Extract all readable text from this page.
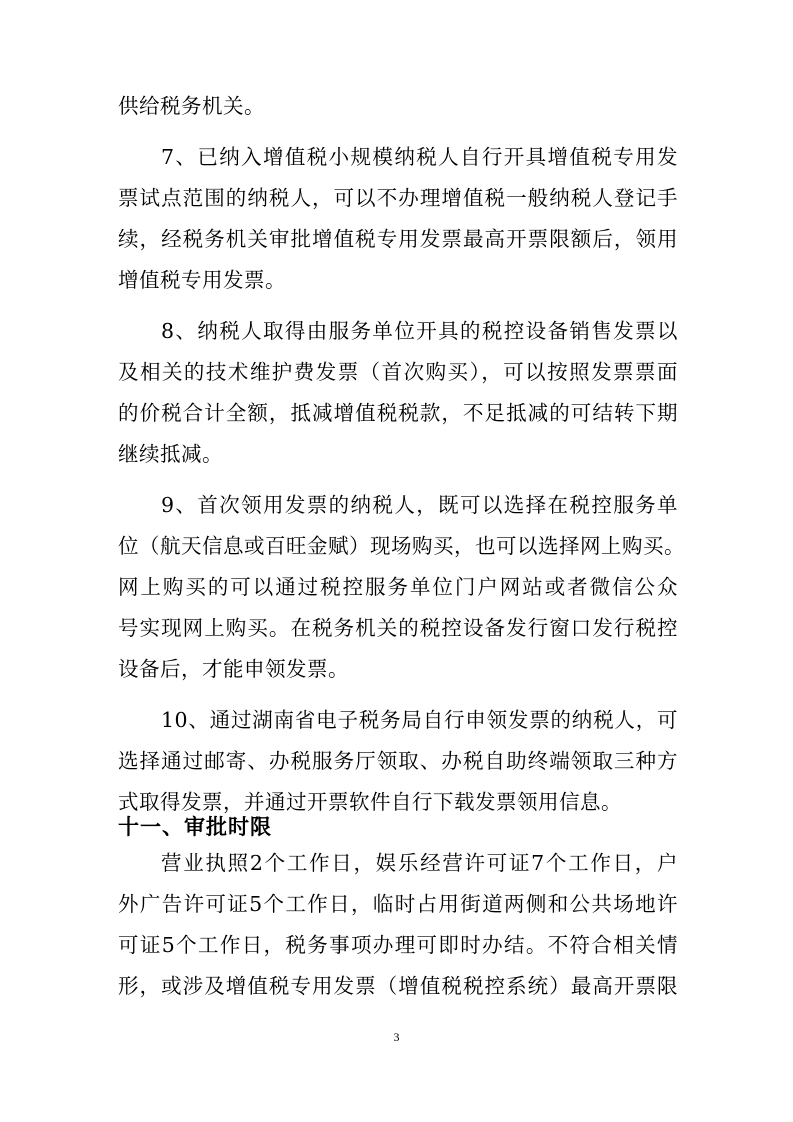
供给税务机关。
7、已纳入增值税小规模纳税人自行开具增值税专用发
票试点范围的纳税人，可以不办理增值税一般纳税人登记手
续，经税务机关审批增值税专用发票最高开票限额后，领用
增值税专用发票。
8、纳税人取得由服务单位开具的税控设备销售发票以
及相关的技术维护费发票（首次购买），可以按照发票票面
的价税合计全额，抵减增值税税款，不足抵减的可结转下期
继续抵减。
9、首次领用发票的纳税人，既可以选择在税控服务单
位（航天信息或百旺金赋）现场购买，也可以选择网上购买。
网上购买的可以通过税控服务单位门户网站或者微信公众
号实现网上购买。在税务机关的税控设备发行窗口发行税控
设备后，才能申领发票。
10、通过湖南省电子税务局自行申领发票的纳税人，可
选择通过邮寄、办税服务厅领取、办税自助终端领取三种方
式取得发票，并通过开票软件自行下载发票领用信息。
十一、审批时限
营业执照2个工作日，娱乐经营许可证7个工作日，户
外广告许可证5个工作日，临时占用街道两侧和公共场地许
可证5个工作日，税务事项办理可即时办结。不符合相关情
形，或涉及增值税专用发票（增值税税控系统）最高开票限
3
